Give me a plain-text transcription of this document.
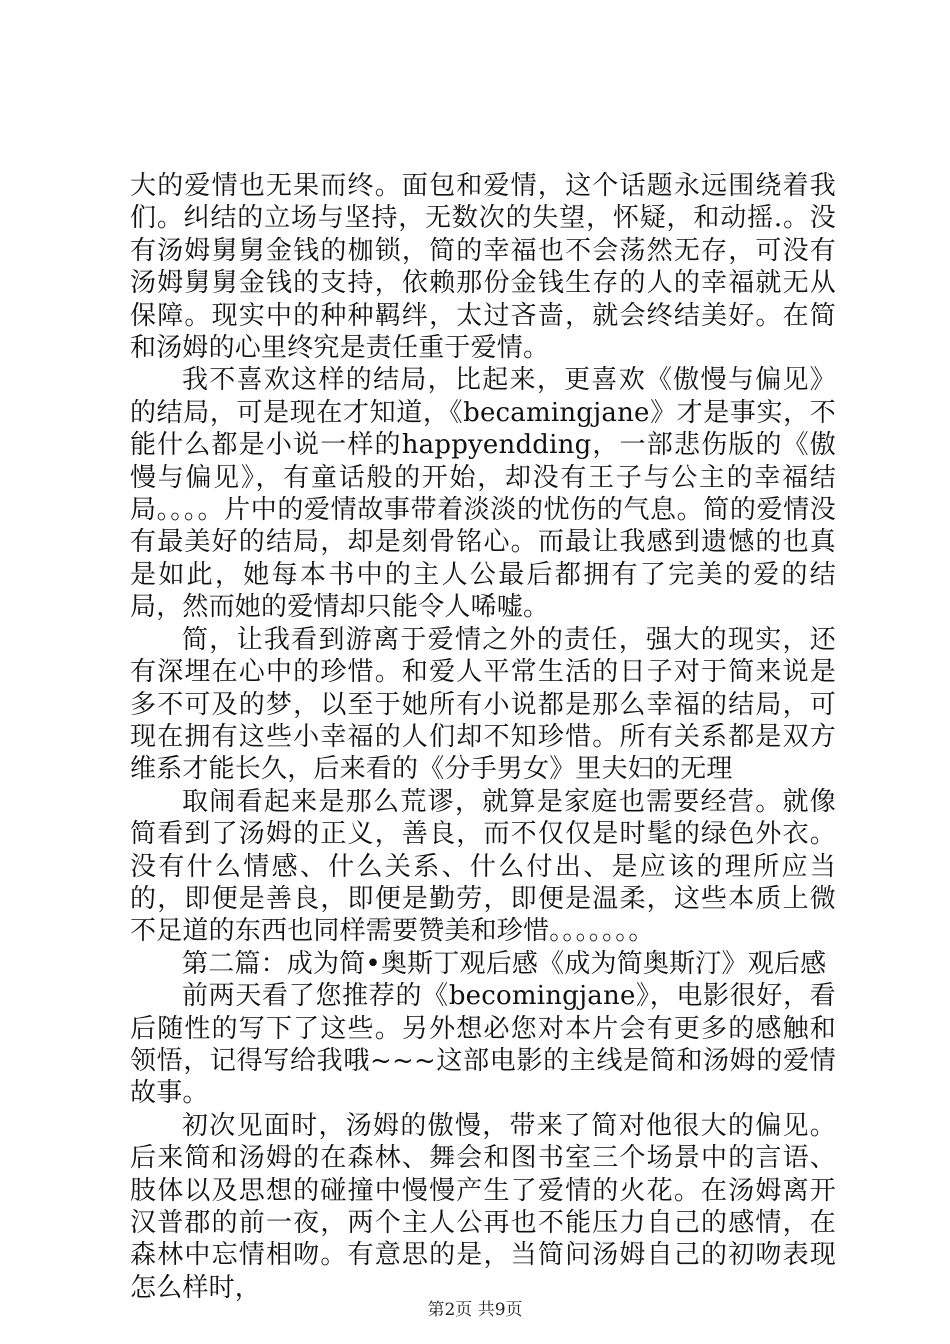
大的爱情也无果而终。面包和爱情，这个话题永远围绕着我们。纠结的立场与坚持，无数次的失望，怀疑，和动摇.。没有汤姆舅舅金钱的枷锁，简的幸福也不会荡然无存，可没有汤姆舅舅金钱的支持，依赖那份金钱生存的人的幸福就无从保障。现实中的种种羁绊，太过吝啬，就会终结美好。在简和汤姆的心里终究是责任重于爱情。

我不喜欢这样的结局，比起来，更喜欢《傲慢与偏见》的结局，可是现在才知道，《becamingjane》才是事实，不能什么都是小说一样的happyendding，一部悲伤版的《傲慢与偏见》，有童话般的开始，却没有王子与公主的幸福结局。。。。片中的爱情故事带着淡淡的忧伤的气息。简的爱情没有最美好的结局，却是刻骨铭心。而最让我感到遗憾的也真是如此，她每本书中的主人公最后都拥有了完美的爱的结局，然而她的爱情却只能令人唏嘘。

简，让我看到游离于爱情之外的责任，强大的现实，还有深埋在心中的珍惜。和爱人平常生活的日子对于简来说是多不可及的梦，以至于她所有小说都是那么幸福的结局，可现在拥有这些小幸福的人们却不知珍惜。所有关系都是双方维系才能长久，后来看的《分手男女》里夫妇的无理

取闹看起来是那么荒谬，就算是家庭也需要经营。就像简看到了汤姆的正义，善良，而不仅仅是时髦的绿色外衣。没有什么情感、什么关系、什么付出、是应该的理所应当的，即便是善良，即便是勤劳，即便是温柔，这些本质上微不足道的东西也同样需要赞美和珍惜。。。。。。。

第二篇：成为简•奥斯丁观后感《成为简奥斯汀》观后感

前两天看了您推荐的《becomingjane》，电影很好，看后随性的写下了这些。另外想必您对本片会有更多的感触和领悟，记得写给我哦~~~这部电影的主线是简和汤姆的爱情故事。

初次见面时，汤姆的傲慢，带来了简对他很大的偏见。后来简和汤姆的在森林、舞会和图书室三个场景中的言语、肢体以及思想的碰撞中慢慢产生了爱情的火花。在汤姆离开汉普郡的前一夜，两个主人公再也不能压力自己的感情，在森林中忘情相吻。有意思的是，当简问汤姆自己的初吻表现怎么样时，

第2页 共9页
